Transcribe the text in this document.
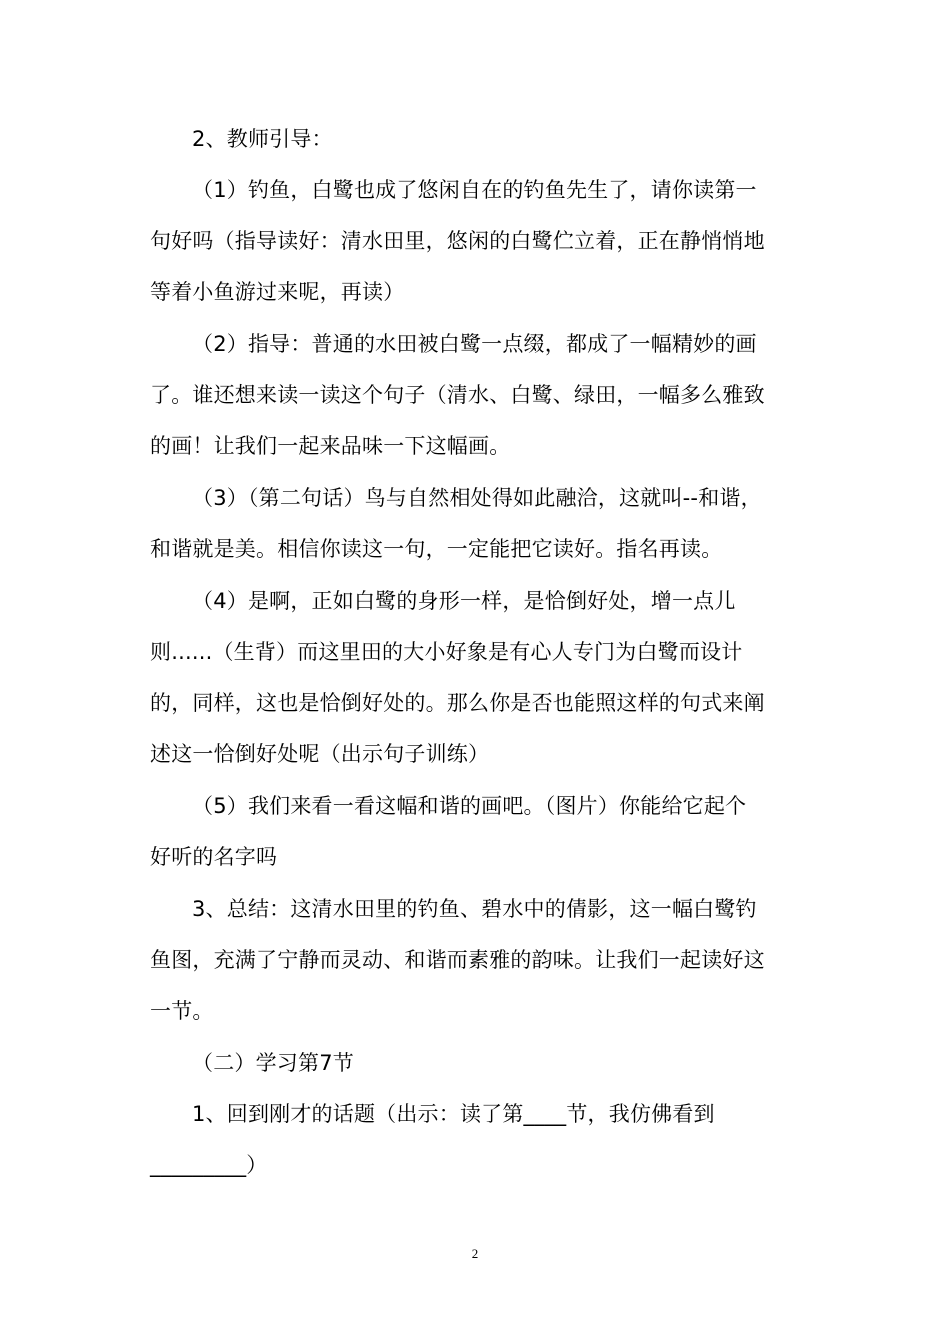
2、教师引导：
（1）钓鱼，白鹭也成了悠闲自在的钓鱼先生了，请你读第一
句好吗（指导读好：清水田里，悠闲的白鹭伫立着，正在静悄悄地
等着小鱼游过来呢，再读）
（2）指导：普通的水田被白鹭一点缀，都成了一幅精妙的画
了。谁还想来读一读这个句子（清水、白鹭、绿田，一幅多么雅致
的画！让我们一起来品味一下这幅画。
（3）（第二句话）鸟与自然相处得如此融洽，这就叫--和谐，
和谐就是美。相信你读这一句，一定能把它读好。指名再读。
（4）是啊，正如白鹭的身形一样，是恰倒好处，增一点儿
则......（生背）而这里田的大小好象是有心人专门为白鹭而设计
的，同样，这也是恰倒好处的。那么你是否也能照这样的句式来阐
述这一恰倒好处呢（出示句子训练）
（5）我们来看一看这幅和谐的画吧。（图片）你能给它起个
好听的名字吗
3、总结：这清水田里的钓鱼、碧水中的倩影，这一幅白鹭钓
鱼图，充满了宁静而灵动、和谐而素雅的韵味。让我们一起读好这
一节。
（二）学习第7节
1、回到刚才的话题（出示：读了第____节，我仿佛看到
_________）
2
